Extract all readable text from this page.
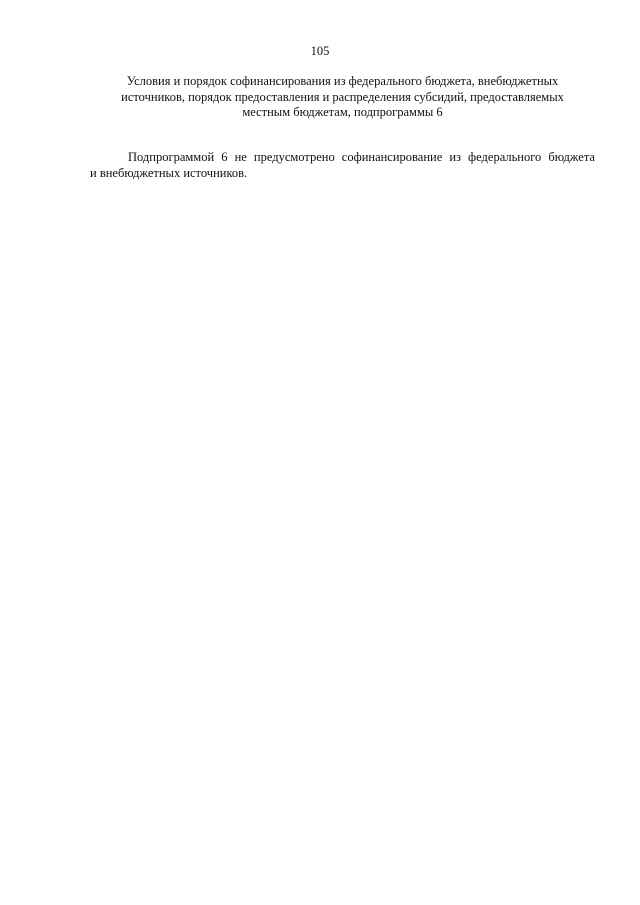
105
Условия и порядок софинансирования из федерального бюджета, внебюджетных
источников, порядок предоставления и распределения субсидий, предоставляемых
местным бюджетам, подпрограммы 6
Подпрограммой 6 не предусмотрено софинансирование из федерального бюджета
и внебюджетных источников.
